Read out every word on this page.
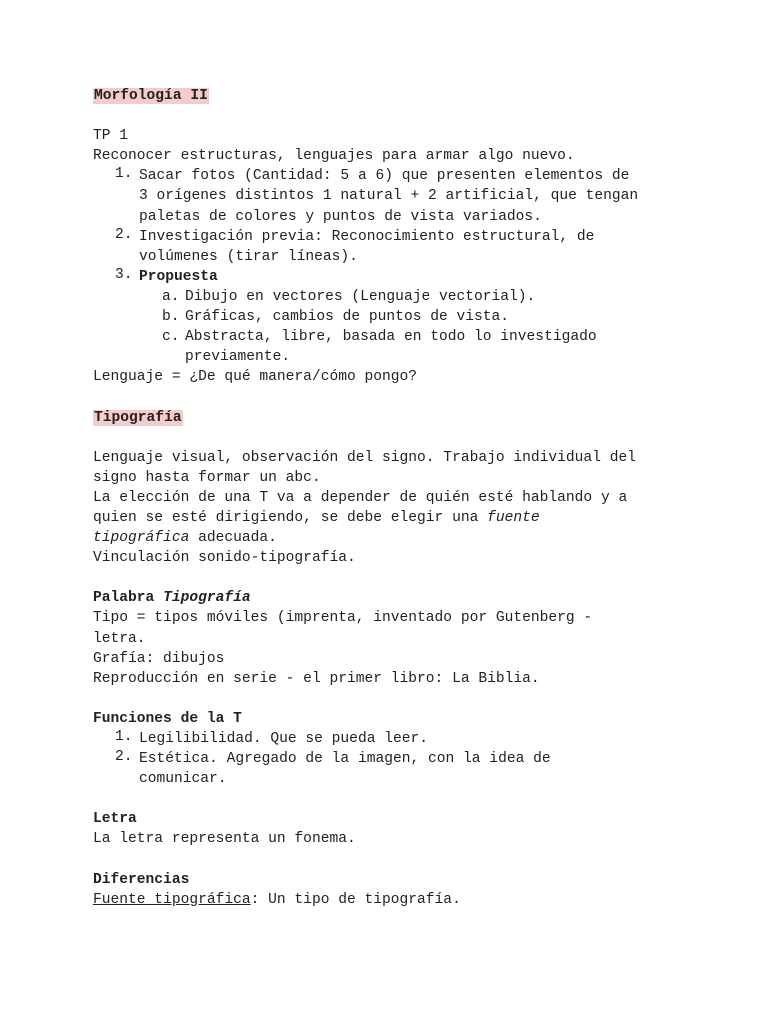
Morfología II
TP 1
Reconocer estructuras, lenguajes para armar algo nuevo.
1. Sacar fotos (Cantidad: 5 a 6) que presenten elementos de
3 orígenes distintos 1 natural + 2 artificial, que tengan
paletas de colores y puntos de vista variados.
2. Investigación previa: Reconocimiento estructural, de
volúmenes (tirar líneas).
3. Propuesta
a. Dibujo en vectores (Lenguaje vectorial).
b. Gráficas, cambios de puntos de vista.
c. Abstracta, libre, basada en todo lo investigado
previamente.
Lenguaje = ¿De qué manera/cómo pongo?
Tipografía
Lenguaje visual, observación del signo. Trabajo individual del
signo hasta formar un abc.
La elección de una T va a depender de quién esté hablando y a
quien se esté dirigiendo, se debe elegir una fuente
tipográfica adecuada.
Vinculación sonido-tipografía.
Palabra Tipografía
Tipo = tipos móviles (imprenta, inventado por Gutenberg -
letra.
Grafía: dibujos
Reproducción en serie - el primer libro: La Biblia.
Funciones de la T
1. Legilibilidad. Que se pueda leer.
2. Estética. Agregado de la imagen, con la idea de
comunicar.
Letra
La letra representa un fonema.
Diferencias
Fuente tipográfica: Un tipo de tipografía.
